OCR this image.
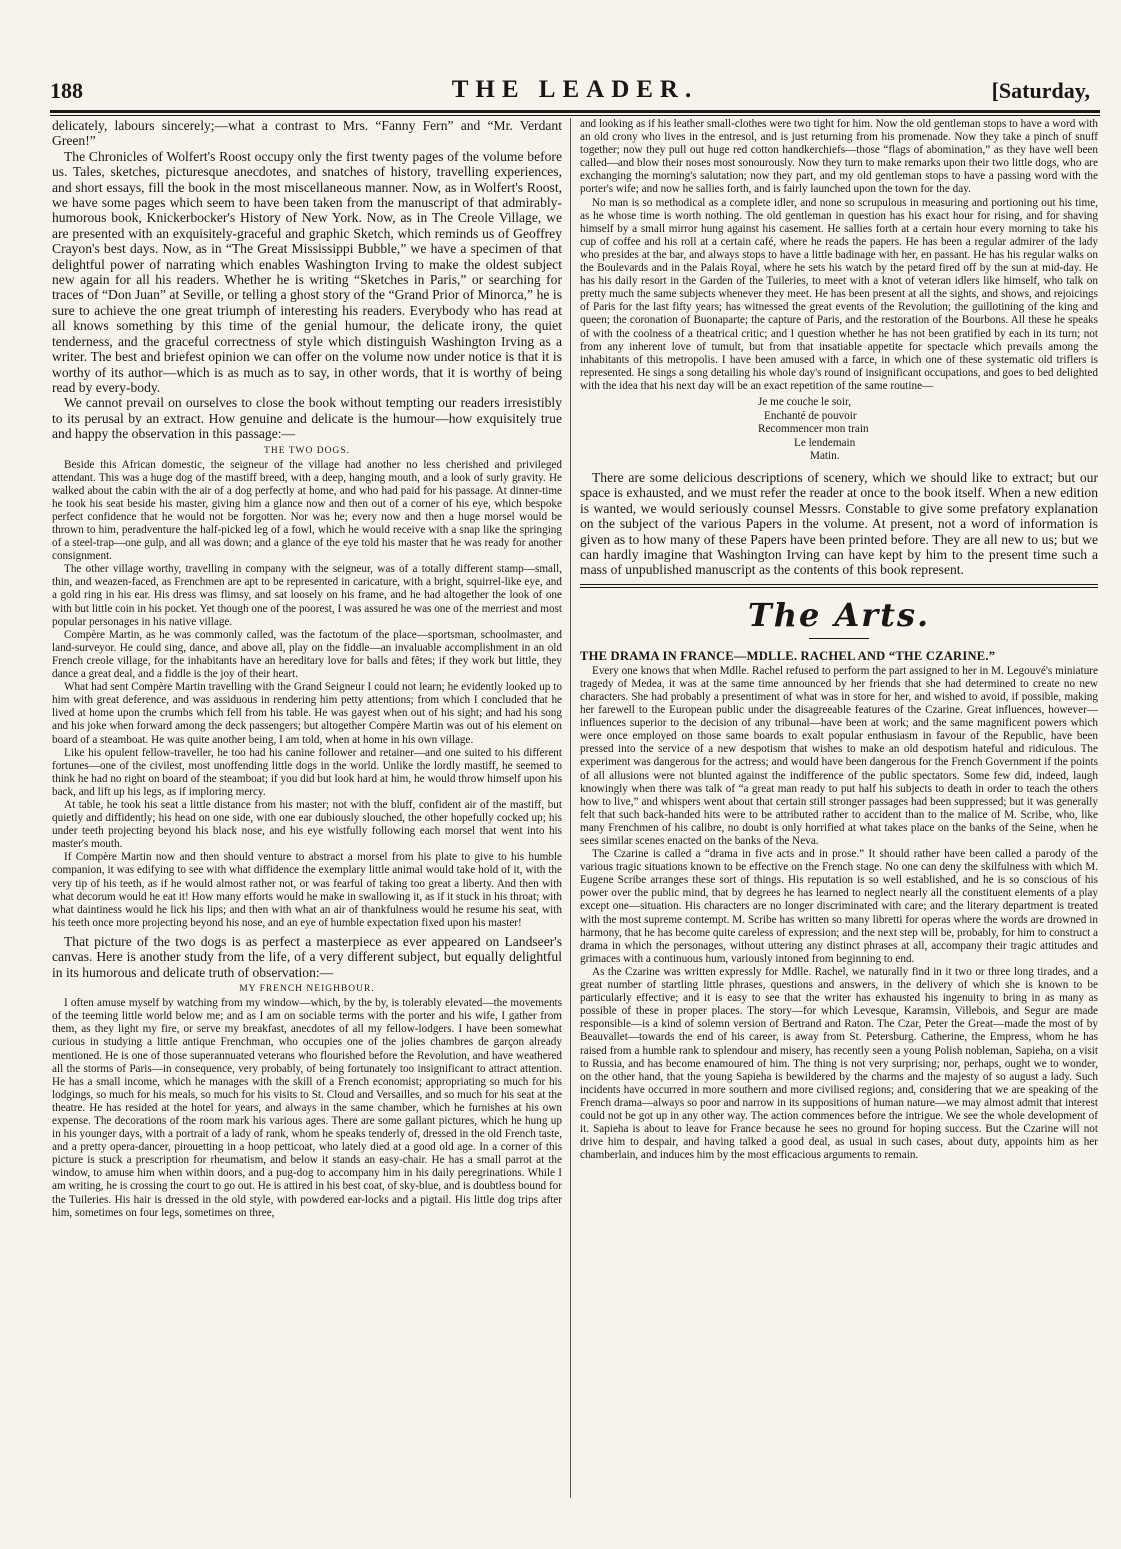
188	THE LEADER.	[Saturday,

delicately, labours sincerely;—what a contrast to Mrs. “Fanny Fern” and “Mr. Verdant Green!”

The Chronicles of Wolfert's Roost occupy only the first twenty pages of the volume before us. Tales, sketches, picturesque anecdotes, and snatches of history, travelling experiences, and short essays, fill the book in the most miscellaneous manner. Now, as in Wolfert's Roost, we have some pages which seem to have been taken from the manuscript of that admirably-humorous book, Knickerbocker's History of New York. Now, as in The Creole Village, we are presented with an exquisitely-graceful and graphic Sketch, which reminds us of Geoffrey Crayon's best days. Now, as in “The Great Mississippi Bubble,” we have a specimen of that delightful power of narrating which enables Washington Irving to make the oldest subject new again for all his readers. Whether he is writing “Sketches in Paris,” or searching for traces of “Don Juan” at Seville, or telling a ghost story of the “Grand Prior of Minorca,” he is sure to achieve the one great triumph of interesting his readers. Everybody who has read at all knows something by this time of the genial humour, the delicate irony, the quiet tenderness, and the graceful correctness of style which distinguish Washington Irving as a writer. The best and briefest opinion we can offer on the volume now under notice is that it is worthy of its author—which is as much as to say, in other words, that it is worthy of being read by every-body.

We cannot prevail on ourselves to close the book without tempting our readers irresistibly to its perusal by an extract. How genuine and delicate is the humour—how exquisitely true and happy the observation in this passage:—

THE TWO DOGS.

Beside this African domestic, the seigneur of the village had another no less cherished and privileged attendant. This was a huge dog of the mastiff breed, with a deep, hanging mouth, and a look of surly gravity. He walked about the cabin with the air of a dog perfectly at home, and who had paid for his passage. At dinner-time he took his seat beside his master, giving him a glance now and then out of a corner of his eye, which bespoke perfect confidence that he would not be forgotten. Nor was he; every now and then a huge morsel would be thrown to him, peradventure the half-picked leg of a fowl, which he would receive with a snap like the springing of a steel-trap—one gulp, and all was down; and a glance of the eye told his master that he was ready for another consignment.

The other village worthy, travelling in company with the seigneur, was of a totally different stamp—small, thin, and weazen-faced, as Frenchmen are apt to be represented in caricature, with a bright, squirrel-like eye, and a gold ring in his ear. His dress was flimsy, and sat loosely on his frame, and he had altogether the look of one with but little coin in his pocket. Yet though one of the poorest, I was assured he was one of the merriest and most popular personages in his native village.

Compère Martin, as he was commonly called, was the factotum of the place—sportsman, schoolmaster, and land-surveyor. He could sing, dance, and above all, play on the fiddle—an invaluable accomplishment in an old French creole village, for the inhabitants have an hereditary love for balls and fêtes; if they work but little, they dance a great deal, and a fiddle is the joy of their heart.

What had sent Compère Martin travelling with the Grand Seigneur I could not learn; he evidently looked up to him with great deference, and was assiduous in rendering him petty attentions; from which I concluded that he lived at home upon the crumbs which fell from his table. He was gayest when out of his sight; and had his song and his joke when forward among the deck passengers; but altogether Compère Martin was out of his element on board of a steamboat. He was quite another being, I am told, when at home in his own village.

Like his opulent fellow-traveller, he too had his canine follower and retainer—and one suited to his different fortunes—one of the civilest, most unoffending little dogs in the world. Unlike the lordly mastiff, he seemed to think he had no right on board of the steamboat; if you did but look hard at him, he would throw himself upon his back, and lift up his legs, as if imploring mercy.

At table, he took his seat a little distance from his master; not with the bluff, confident air of the mastiff, but quietly and diffidently; his head on one side, with one ear dubiously slouched, the other hopefully cocked up; his under teeth projecting beyond his black nose, and his eye wistfully following each morsel that went into his master's mouth.

If Compère Martin now and then should venture to abstract a morsel from his plate to give to his humble companion, it was edifying to see with what diffidence the exemplary little animal would take hold of it, with the very tip of his teeth, as if he would almost rather not, or was fearful of taking too great a liberty. And then with what decorum would he eat it! How many efforts would he make in swallowing it, as if it stuck in his throat; with what daintiness would he lick his lips; and then with what an air of thankfulness would he resume his seat, with his teeth once more projecting beyond his nose, and an eye of humble expectation fixed upon his master!

That picture of the two dogs is as perfect a masterpiece as ever appeared on Landseer's canvas. Here is another study from the life, of a very different subject, but equally delightful in its humorous and delicate truth of observation:—

MY FRENCH NEIGHBOUR.

I often amuse myself by watching from my window—which, by the by, is tolerably elevated—the movements of the teeming little world below me; and as I am on sociable terms with the porter and his wife, I gather from them, as they light my fire, or serve my breakfast, anecdotes of all my fellow-lodgers. I have been somewhat curious in studying a little antique Frenchman, who occupies one of the jolies chambres de garçon already mentioned. He is one of those superannuated veterans who flourished before the Revolution, and have weathered all the storms of Paris—in consequence, very probably, of being fortunately too insignificant to attract attention. He has a small income, which he manages with the skill of a French economist; appropriating so much for his lodgings, so much for his meals, so much for his visits to St. Cloud and Versailles, and so much for his seat at the theatre. He has resided at the hotel for years, and always in the same chamber, which he furnishes at his own expense. The decorations of the room mark his various ages. There are some gallant pictures, which he hung up in his younger days, with a portrait of a lady of rank, whom he speaks tenderly of, dressed in the old French taste, and a pretty opera-dancer, pirouetting in a hoop petticoat, who lately died at a good old age. In a corner of this picture is stuck a prescription for rheumatism, and below it stands an easy-chair. He has a small parrot at the window, to amuse him when within doors, and a pug-dog to accompany him in his daily peregrinations. While I am writing, he is crossing the court to go out. He is attired in his best coat, of sky-blue, and is doubtless bound for the Tuileries. His hair is dressed in the old style, with powdered ear-locks and a pigtail. His little dog trips after him, sometimes on four legs, sometimes on three,

and looking as if his leather small-clothes were two tight for him. Now the old gentleman stops to have a word with an old crony who lives in the entresol, and is just returning from his promenade. Now they take a pinch of snuff together; now they pull out huge red cotton handkerchiefs—those “flags of abomination,” as they have well been called—and blow their noses most sonourously. Now they turn to make remarks upon their two little dogs, who are exchanging the morning's salutation; now they part, and my old gentleman stops to have a passing word with the porter's wife; and now he sallies forth, and is fairly launched upon the town for the day.

No man is so methodical as a complete idler, and none so scrupulous in measuring and portioning out his time, as he whose time is worth nothing. The old gentleman in question has his exact hour for rising, and for shaving himself by a small mirror hung against his casement. He sallies forth at a certain hour every morning to take his cup of coffee and his roll at a certain café, where he reads the papers. He has been a regular admirer of the lady who presides at the bar, and always stops to have a little badinage with her, en passant. He has his regular walks on the Boulevards and in the Palais Royal, where he sets his watch by the petard fired off by the sun at mid-day. He has his daily resort in the Garden of the Tuileries, to meet with a knot of veteran idlers like himself, who talk on pretty much the same subjects whenever they meet. He has been present at all the sights, and shows, and rejoicings of Paris for the last fifty years; has witnessed the great events of the Revolution; the guillotining of the king and queen; the coronation of Buonaparte; the capture of Paris, and the restoration of the Bourbons. All these he speaks of with the coolness of a theatrical critic; and I question whether he has not been gratified by each in its turn; not from any inherent love of tumult, but from that insatiable appetite for spectacle which prevails among the inhabitants of this metropolis. I have been amused with a farce, in which one of these systematic old triflers is represented. He sings a song detailing his whole day's round of insignificant occupations, and goes to bed delighted with the idea that his next day will be an exact repetition of the same routine—

Je me couche le soir,
Enchanté de pouvoir
Recommencer mon train
Le lendemain
Matin.

There are some delicious descriptions of scenery, which we should like to extract; but our space is exhausted, and we must refer the reader at once to the book itself. When a new edition is wanted, we would seriously counsel Messrs. Constable to give some prefatory explanation on the subject of the various Papers in the volume. At present, not a word of information is given as to how many of these Papers have been printed before. They are all new to us; but we can hardly imagine that Washington Irving can have kept by him to the present time such a mass of unpublished manuscript as the contents of this book represent.

The Arts.
THE DRAMA IN FRANCE—MDLLE. RACHEL AND “THE CZARINE.”

Every one knows that when Mdlle. Rachel refused to perform the part assigned to her in M. Legouvé's miniature tragedy of Medea, it was at the same time announced by her friends that she had determined to create no new characters. She had probably a presentiment of what was in store for her, and wished to avoid, if possible, making her farewell to the European public under the disagreeable features of the Czarine. Great influences, however—influences superior to the decision of any tribunal—have been at work; and the same magnificent powers which were once employed on those same boards to exalt popular enthusiasm in favour of the Republic, have been pressed into the service of a new despotism that wishes to make an old despotism hateful and ridiculous. The experiment was dangerous for the actress; and would have been dangerous for the French Government if the points of all allusions were not blunted against the indifference of the public spectators. Some few did, indeed, laugh knowingly when there was talk of “a great man ready to put half his subjects to death in order to teach the others how to live,” and whispers went about that certain still stronger passages had been suppressed; but it was generally felt that such back-handed hits were to be attributed rather to accident than to the malice of M. Scribe, who, like many Frenchmen of his calibre, no doubt is only horrified at what takes place on the banks of the Seine, when he sees similar scenes enacted on the banks of the Neva.

The Czarine is called a “drama in five acts and in prose.” It should rather have been called a parody of the various tragic situations known to be effective on the French stage. No one can deny the skilfulness with which M. Eugene Scribe arranges these sort of things. His reputation is so well established, and he is so conscious of his power over the public mind, that by degrees he has learned to neglect nearly all the constituent elements of a play except one—situation. His characters are no longer discriminated with care; and the literary department is treated with the most supreme contempt. M. Scribe has written so many libretti for operas where the words are drowned in harmony, that he has become quite careless of expression; and the next step will be, probably, for him to construct a drama in which the personages, without uttering any distinct phrases at all, accompany their tragic attitudes and grimaces with a continuous hum, variously intoned from beginning to end.

As the Czarine was written expressly for Mdlle. Rachel, we naturally find in it two or three long tirades, and a great number of startling little phrases, questions and answers, in the delivery of which she is known to be particularly effective; and it is easy to see that the writer has exhausted his ingenuity to bring in as many as possible of these in proper places. The story—for which Levesque, Karamsin, Villebois, and Segur are made responsible—is a kind of solemn version of Bertrand and Raton. The Czar, Peter the Great—made the most of by Beauvallet—towards the end of his career, is away from St. Petersburg. Catherine, the Empress, whom he has raised from a humble rank to splendour and misery, has recently seen a young Polish nobleman, Sapieha, on a visit to Russia, and has become enamoured of him. The thing is not very surprising; nor, perhaps, ought we to wonder, on the other hand, that the young Sapieha is bewildered by the charms and the majesty of so august a lady. Such incidents have occurred in more southern and more civilised regions; and, considering that we are speaking of the French drama—always so poor and narrow in its suppositions of human nature—we may almost admit that interest could not be got up in any other way. The action commences before the intrigue. We see the whole development of it. Sapieha is about to leave for France because he sees no ground for hoping success. But the Czarine will not drive him to despair, and having talked a good deal, as usual in such cases, about duty, appoints him as her chamberlain, and induces him by the most efficacious arguments to remain.
